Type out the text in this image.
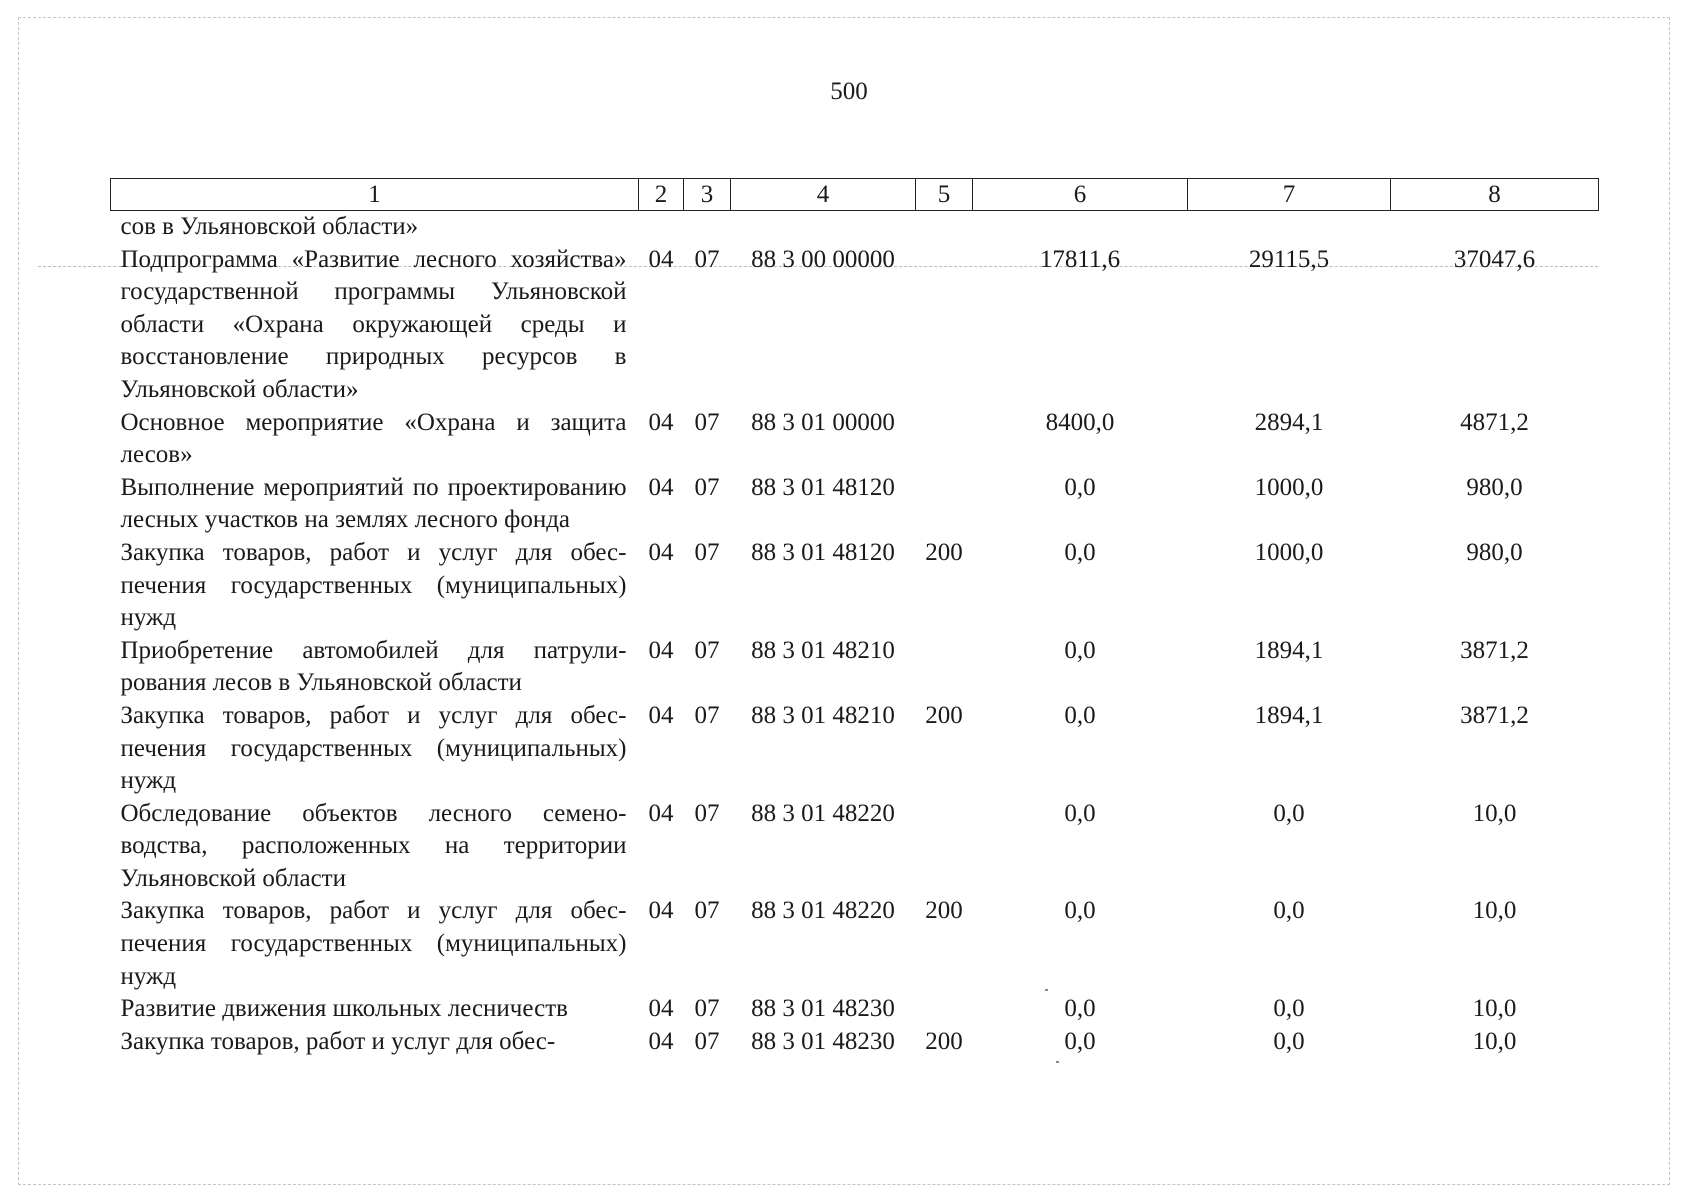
500
1	2	3	4	5	6	7	8
сов в Ульяновской области»							
Подпрограмма «Развитие лесного хозяйства» государственной программы Ульяновской области «Охрана окружающей среды и восстановление природных ресурсов в Ульяновской области»	04	07	88 3 00 00000		17811,6	29115,5	37047,6
Основное мероприятие «Охрана и защита лесов»	04	07	88 3 01 00000		8400,0	2894,1	4871,2
Выполнение мероприятий по проектированию лесных участков на землях лесного фонда	04	07	88 3 01 48120		0,0	1000,0	980,0
Закупка товаров, работ и услуг для обеспечения государственных (муниципальных) нужд	04	07	88 3 01 48120	200	0,0	1000,0	980,0
Приобретение автомобилей для патрулирования лесов в Ульяновской области	04	07	88 3 01 48210		0,0	1894,1	3871,2
Закупка товаров, работ и услуг для обеспечения государственных (муниципальных) нужд	04	07	88 3 01 48210	200	0,0	1894,1	3871,2
Обследование объектов лесного семеноводства, расположенных на территории Ульяновской области	04	07	88 3 01 48220		0,0	0,0	10,0
Закупка товаров, работ и услуг для обеспечения государственных (муниципальных) нужд	04	07	88 3 01 48220	200	0,0	0,0	10,0
Развитие движения школьных лесничеств	04	07	88 3 01 48230		0,0	0,0	10,0
Закупка товаров, работ и услуг для обес-	04	07	88 3 01 48230	200	0,0	0,0	10,0
